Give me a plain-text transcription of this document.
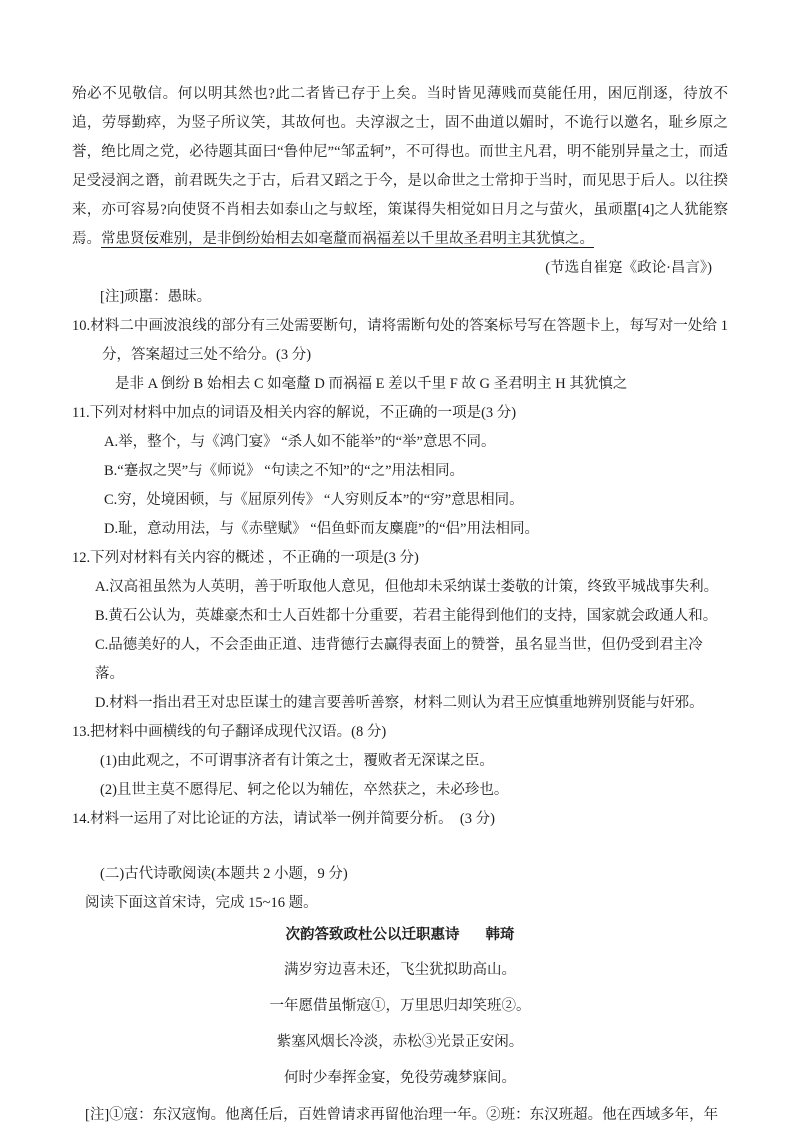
殆必不见敬信。何以明其然也?此二者皆已存于上矣。当时皆见薄贱而莫能任用，困厄削逐，待放不追，劳辱勤瘁，为竖子所议笑，其故何也。夫淳淑之士，固不曲道以媚时，不诡行以邀名，耻乡原之誉，绝比周之党，必待题其面曰“鲁仲尼”“邹孟轲”，不可得也。而世主凡君，明不能别异量之士，而适足受浸润之谮，前君既失之于古，后君又蹈之于今，是以命世之士常抑于当时，而见思于后人。以往揆来，亦可容易?向使贤不肖相去如泰山之与蚁垤，策谋得失相觉如日月之与萤火，虽顽嚚[4]之人犹能察焉。常患贤佞难别，是非倒纷始相去如毫釐而祸福差以千里故圣君明主其犹慎之。

(节选自崔寔《政论·昌言》)

[注]顽嚚：愚昧。

10.材料二中画波浪线的部分有三处需要断句，请将需断句处的答案标号写在答题卡上，每写对一处给 1分，答案超过三处不给分。(3 分)

是非 A 倒纷 B 始相去 C 如毫釐 D 而祸福 E 差以千里 F 故 G 圣君明主 H 其犹慎之

11.下列对材料中加点的词语及相关内容的解说，不正确的一项是(3 分)

A.举，整个，与《鸿门宴》 “杀人如不能举”的“举”意思不同。

B.“蹇叔之哭”与《师说》 “句读之不知”的“之”用法相同。

C.穷，处境困顿，与《屈原列传》 “人穷则反本”的“穷”意思相同。

D.耻，意动用法，与《赤壁赋》 “侣鱼虾而友麋鹿”的“侣”用法相同。

12.下列对材料有关内容的概述 ，不正确的一项是(3 分)

A.汉高祖虽然为人英明，善于听取他人意见，但他却未采纳谋士娄敬的计策，终致平城战事失利。

B.黄石公认为，英雄豪杰和士人百姓都十分重要，若君主能得到他们的支持，国家就会政通人和。

C.品德美好的人，不会歪曲正道、违背德行去赢得表面上的赞誉，虽名显当世，但仍受到君主冷落。

D.材料一指出君王对忠臣谋士的建言要善听善察，材料二则认为君王应慎重地辨别贤能与奸邪。

13.把材料中画横线的句子翻译成现代汉语。(8 分)

(1)由此观之，不可谓事济者有计策之士，覆败者无深谋之臣。

(2)且世主莫不愿得尼、轲之伦以为辅佐，卒然获之，未必珍也。

14.材料一运用了对比论证的方法，请试举一例并简要分析。　(3 分)

(二)古代诗歌阅读(本题共 2 小题，9 分)

阅读下面这首宋诗，完成 15~16 题。

次韵答致政杜公以迁职惠诗 韩琦

满岁穷边喜未还，飞尘犹拟助高山。

一年愿借虽惭寇①，万里思归却笑班②。

紫塞风烟长冷淡，赤松③光景正安闲。

何时少奉挥金宴，免役劳魂梦寐间。

[注]①寇：东汉寇恂。他离任后，百姓曾请求再留他治理一年。②班：东汉班超。他在西域多年，年
